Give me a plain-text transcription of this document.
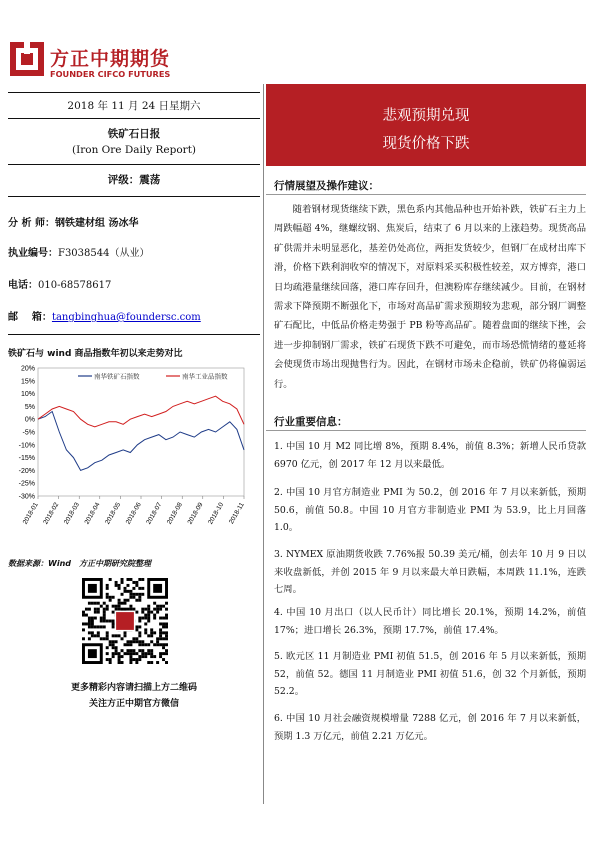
方正中期期货
FOUNDER CIFCO FUTURES
2018 年 11 月 24 日星期六
铁矿石日报
(Iron Ore Daily Report)
评级：震荡
分 析 师：钢铁建材组 汤冰华
执业编号：F3038544（从业）
电话：010-68578617
邮    箱：tangbinghua@foundersc.com
铁矿石与 wind 商品指数年初以来走势对比
20%
15%
10%
5%
0%
-5%
-10%
-15%
-20%
-25%
-30%
2018-01 2018-02 2018-03 2018-04 2018-05 2018-06 2018-07 2018-08 2018-09 2018-10 2018-11
南华铁矿石指数	南华工业品指数
数据来源：Wind　方正中期研究院整理
更多精彩内容请扫描上方二维码
关注方正中期官方微信
悲观预期兑现
现货价格下跌
行情展望及操作建议：
随着钢材现货继续下跌，黑色系内其他品种也开始补跌，铁矿石主力上周跌幅超 4%，继螺纹钢、焦炭后，结束了 6 月以来的上涨趋势。现货高品矿供需并未明显恶化，基差仍处高位，两拒发货较少，但钢厂在成材出库下滑，价格下跌利润收窄的情况下，对原料采买积极性较差，双方博弈，港口日均疏港量继续回落，港口库存回升，但澳粉库存继续减少。目前，在钢材需求下降预期不断强化下，市场对高品矿需求预期较为悲观，部分钢厂调整矿石配比，中低品价格走势强于 PB 粉等高品矿。随着盘面的继续下挫，会进一步抑制钢厂需求，铁矿石现货下跌不可避免，而市场恐慌情绪的蔓延将会使现货市场出现抛售行为。因此，在钢材市场未企稳前，铁矿仍将偏弱运行。
行业重要信息：
1. 中国 10 月 M2 同比增 8%，预期 8.4%，前值 8.3%；新增人民币贷款 6970 亿元，创 2017 年 12 月以来最低。
2. 中国 10 月官方制造业 PMI 为 50.2，创 2016 年 7 月以来新低，预期 50.6，前值 50.8。中国 10 月官方非制造业 PMI 为 53.9，比上月回落 1.0。
3. NYMEX 原油期货收跌 7.76%报 50.39 美元/桶，创去年 10 月 9 日以来收盘新低，并创 2015 年 9 月以来最大单日跌幅，本周跌 11.1%，连跌七周。
4. 中国 10 月出口（以人民币计）同比增长 20.1%，预期 14.2%，前值 17%；进口增长 26.3%，预期 17.7%，前值 17.4%。
5. 欧元区 11 月制造业 PMI 初值 51.5，创 2016 年 5 月以来新低，预期 52，前值 52。德国 11 月制造业 PMI 初值 51.6，创 32 个月新低，预期 52.2。
6. 中国 10 月社会融资规模增量 7288 亿元，创 2016 年 7 月以来新低，预期 1.3 万亿元，前值 2.21 万亿元。
